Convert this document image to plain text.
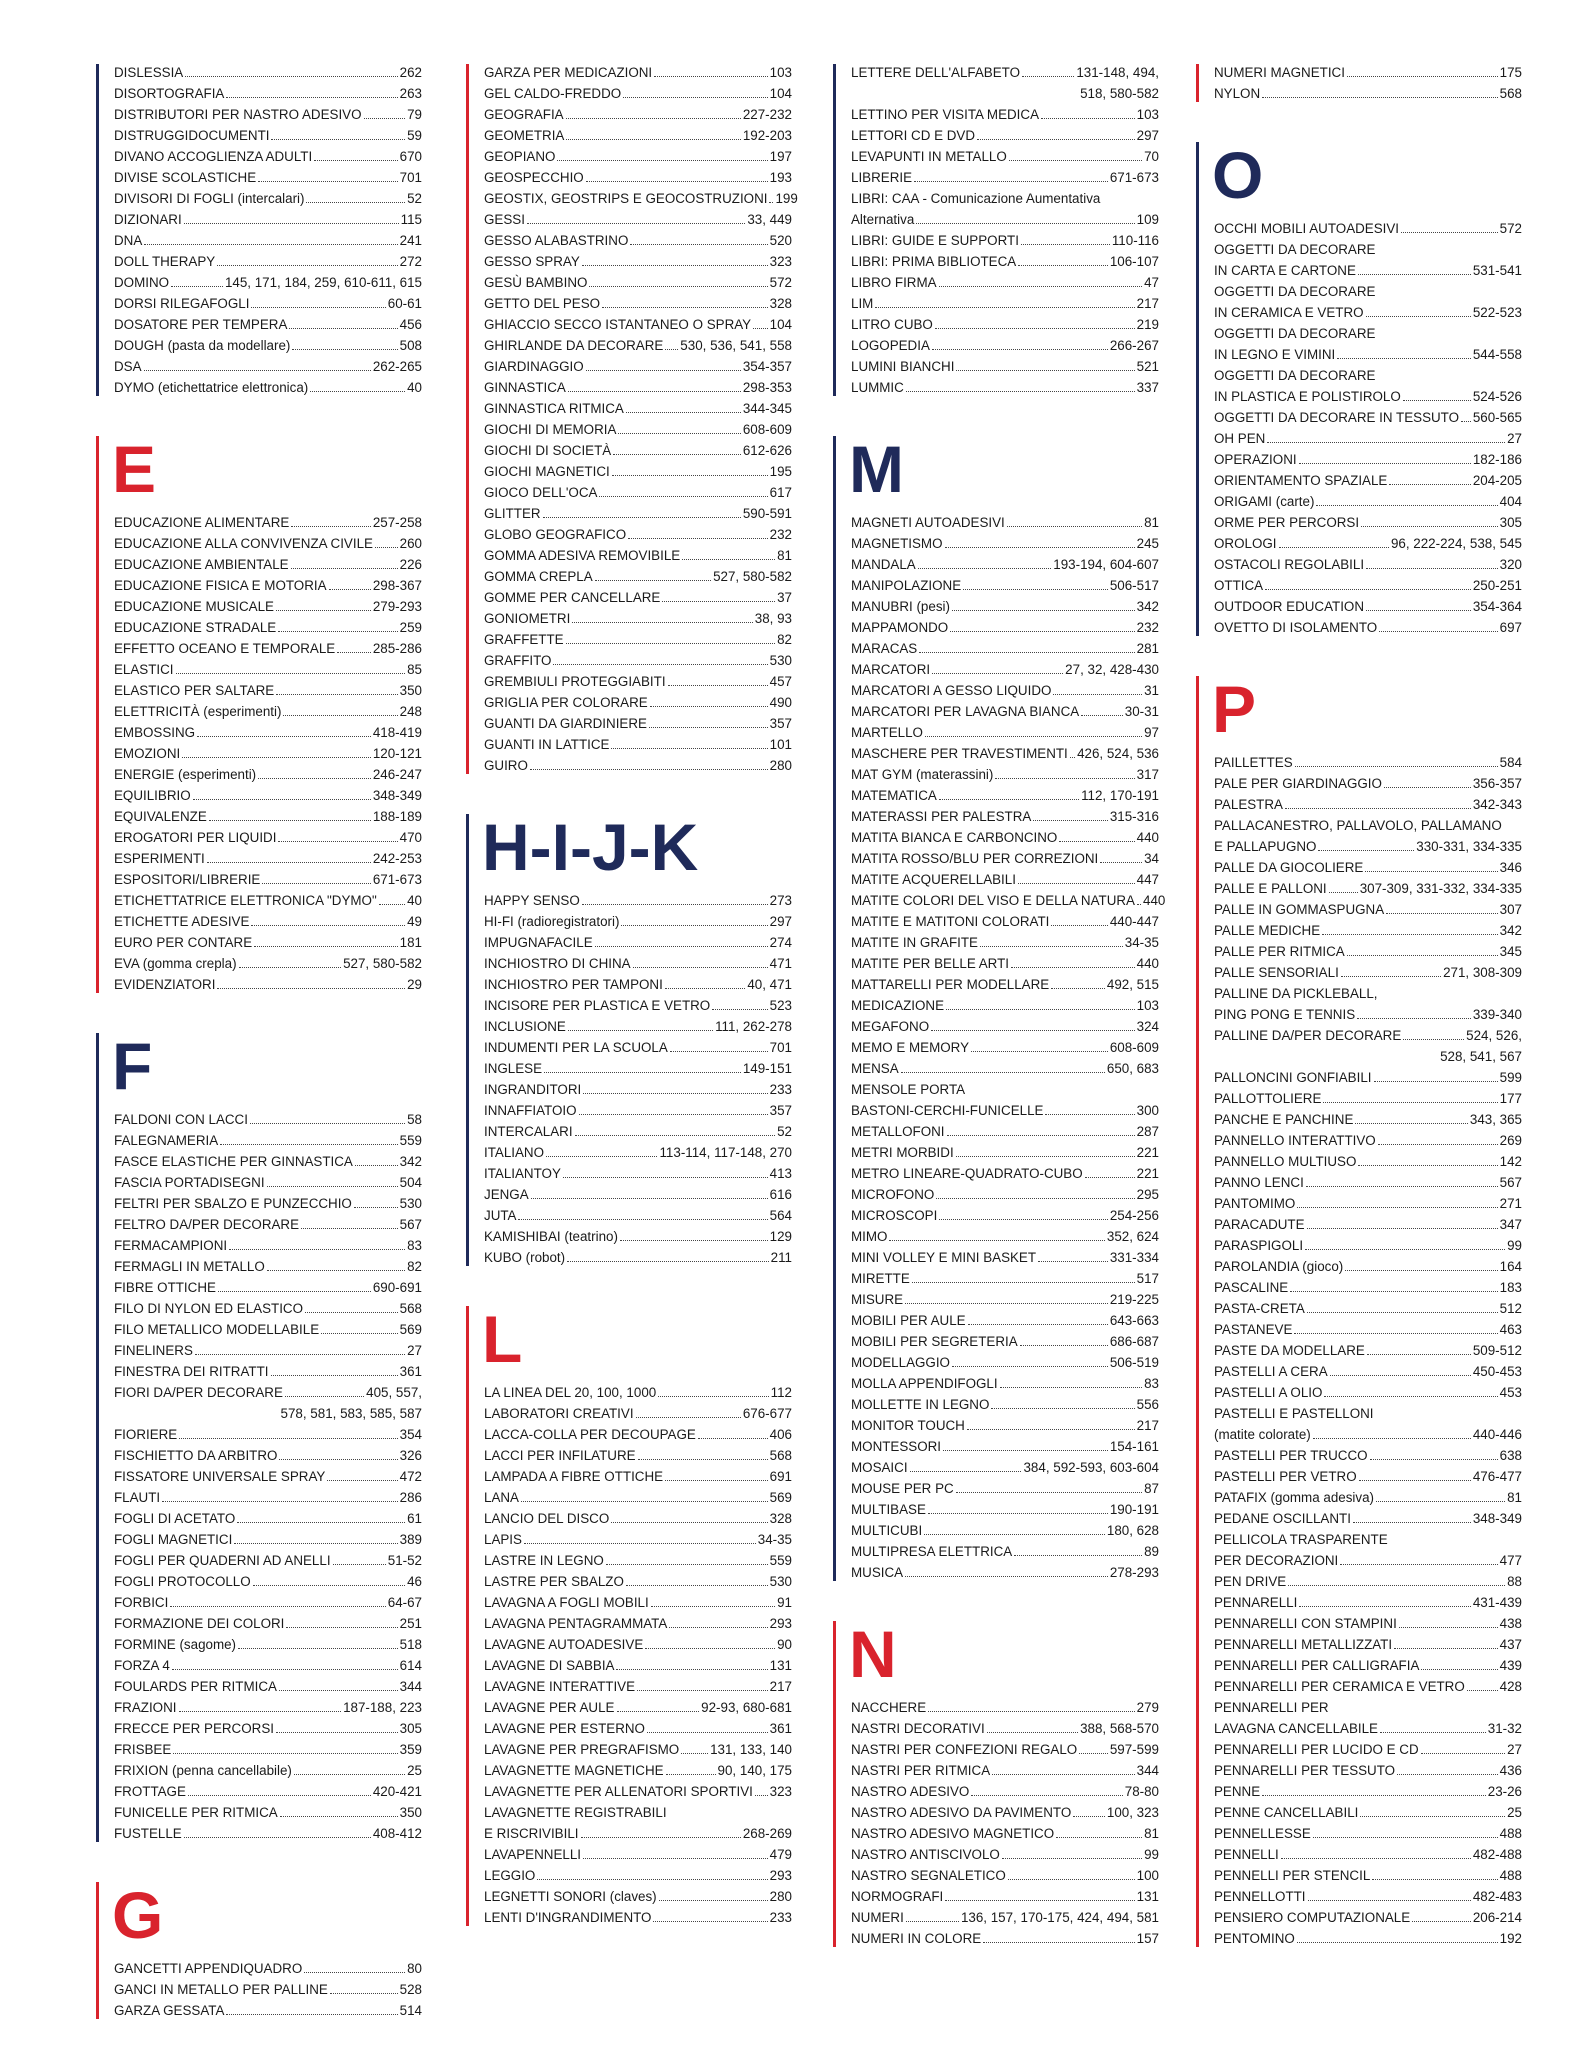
DISLESSIA	262
DISORTOGRAFIA	263
DISTRIBUTORI PER NASTRO ADESIVO	79
DISTRUGGIDOCUMENTI	59
DIVANO ACCOGLIENZA ADULTI	670
DIVISE SCOLASTICHE	701
DIVISORI DI FOGLI (intercalari)	52
DIZIONARI	115
DNA	241
DOLL THERAPY	272
DOMINO	145, 171, 184, 259, 610-611, 615
DORSI RILEGAFOGLI	60-61
DOSATORE PER TEMPERA	456
DOUGH (pasta da modellare)	508
DSA	262-265
DYMO (etichettatrice elettronica)	40
E
EDUCAZIONE ALIMENTARE	257-258
EDUCAZIONE ALLA CONVIVENZA CIVILE 260
EDUCAZIONE AMBIENTALE	226
EDUCAZIONE FISICA E MOTORIA	298-367
EDUCAZIONE MUSICALE	279-293
EDUCAZIONE STRADALE	259
EFFETTO OCEANO E TEMPORALE	285-286
ELASTICI	85
ELASTICO PER SALTARE	350
ELETTRICITÀ (esperimenti)	248
EMBOSSING	418-419
EMOZIONI	120-121
ENERGIE (esperimenti)	246-247
EQUILIBRIO	348-349
EQUIVALENZE	188-189
EROGATORI PER LIQUIDI	470
ESPERIMENTI	242-253
ESPOSITORI/LIBRERIE	671-673
ETICHETTATRICE ELETTRONICA "DYMO" 40
ETICHETTE ADESIVE	49
EURO PER CONTARE	181
EVA (gomma crepla)	527, 580-582
EVIDENZIATORI	29
F
FALDONI CON LACCI	58
FALEGNAMERIA	559
FASCE ELASTICHE PER GINNASTICA	342
FASCIA PORTADISEGNI	504
FELTRI PER SBALZO E PUNZECCHIO	530
FELTRO DA/PER DECORARE	567
FERMACAMPIONI	83
FERMAGLI IN METALLO	82
FIBRE OTTICHE	690-691
FILO DI NYLON ED ELASTICO	568
FILO METALLICO MODELLABILE	569
FINELINERS	27
FINESTRA DEI RITRATTI	361
FIORI DA/PER DECORARE	405, 557,
578, 581, 583, 585, 587
FIORIERE	354
FISCHIETTO DA ARBITRO	326
FISSATORE UNIVERSALE SPRAY	472
FLAUTI	286
FOGLI DI ACETATO	61
FOGLI MAGNETICI	389
FOGLI PER QUADERNI AD ANELLI	51-52
FOGLI PROTOCOLLO	46
FORBICI	64-67
FORMAZIONE DEI COLORI	251
FORMINE (sagome)	518
FORZA 4	614
FOULARDS PER RITMICA	344
FRAZIONI	187-188, 223
FRECCE PER PERCORSI	305
FRISBEE	359
FRIXION (penna cancellabile)	25
FROTTAGE	420-421
FUNICELLE PER RITMICA	350
FUSTELLE	408-412
G
GANCETTI APPENDIQUADRO	80
GANCI IN METALLO PER PALLINE	528
GARZA GESSATA	514
GARZA PER MEDICAZIONI	103
GEL CALDO-FREDDO	104
GEOGRAFIA	227-232
GEOMETRIA	192-203
GEOPIANO	197
GEOSPECCHIO	193
GEOSTIX, GEOSTRIPS E GEOCOSTRUZIONI 199
GESSI	33, 449
GESSO ALABASTRINO	520
GESSO SPRAY	323
GESÙ BAMBINO	572
GETTO DEL PESO	328
GHIACCIO SECCO ISTANTANEO O SPRAY 104
GHIRLANDE DA DECORARE 530, 536, 541, 558
GIARDINAGGIO	354-357
GINNASTICA	298-353
GINNASTICA RITMICA	344-345
GIOCHI DI MEMORIA	608-609
GIOCHI DI SOCIETÀ	612-626
GIOCHI MAGNETICI	195
GIOCO DELL'OCA	617
GLITTER	590-591
GLOBO GEOGRAFICO	232
GOMMA ADESIVA REMOVIBILE	81
GOMMA CREPLA	527, 580-582
GOMME PER CANCELLARE	37
GONIOMETRI	38, 93
GRAFFETTE	82
GRAFFITO	530
GREMBIULI PROTEGGIABITI	457
GRIGLIA PER COLORARE	490
GUANTI DA GIARDINIERE	357
GUANTI IN LATTICE	101
GUIRO	280
H-I-J-K
HAPPY SENSO	273
HI-FI (radioregistratori)	297
IMPUGNAFACILE	274
INCHIOSTRO DI CHINA	471
INCHIOSTRO PER TAMPONI	40, 471
INCISORE PER PLASTICA E VETRO	523
INCLUSIONE	111, 262-278
INDUMENTI PER LA SCUOLA	701
INGLESE	149-151
INGRANDITORI	233
INNAFFIATOIO	357
INTERCALARI	52
ITALIANO	113-114, 117-148, 270
ITALIANTOY	413
JENGA	616
JUTA	564
KAMISHIBAI (teatrino)	129
KUBO (robot)	211
L
LA LINEA DEL 20, 100, 1000	112
LABORATORI CREATIVI	676-677
LACCA-COLLA PER DECOUPAGE	406
LACCI PER INFILATURE	568
LAMPADA A FIBRE OTTICHE	691
LANA	569
LANCIO DEL DISCO	328
LAPIS	34-35
LASTRE IN LEGNO	559
LASTRE PER SBALZO	530
LAVAGNA A FOGLI MOBILI	91
LAVAGNA PENTAGRAMMATA	293
LAVAGNE AUTOADESIVE	90
LAVAGNE DI SABBIA	131
LAVAGNE INTERATTIVE	217
LAVAGNE PER AULE	92-93, 680-681
LAVAGNE PER ESTERNO	361
LAVAGNE PER PREGRAFISMO 131, 133, 140
LAVAGNETTE MAGNETICHE	90, 140, 175
LAVAGNETTE PER ALLENATORI SPORTIVI 323
LAVAGNETTE REGISTRABILI
E RISCRIVIBILI	268-269
LAVAPENNELLI	479
LEGGIO	293
LEGNETTI SONORI (claves)	280
LENTI D'INGRANDIMENTO	233
LETTERE DELL'ALFABETO	131-148, 494,
518, 580-582
LETTINO PER VISITA MEDICA	103
LETTORI CD E DVD	297
LEVAPUNTI IN METALLO	70
LIBRERIE	671-673
LIBRI: CAA - Comunicazione Aumentativa
Alternativa	109
LIBRI: GUIDE E SUPPORTI	110-116
LIBRI: PRIMA BIBLIOTECA	106-107
LIBRO FIRMA	47
LIM	217
LITRO CUBO	219
LOGOPEDIA	266-267
LUMINI BIANCHI	521
LUMMIC	337
M
MAGNETI AUTOADESIVI	81
MAGNETISMO	245
MANDALA	193-194, 604-607
MANIPOLAZIONE	506-517
MANUBRI (pesi)	342
MAPPAMONDO	232
MARACAS	281
MARCATORI	27, 32, 428-430
MARCATORI A GESSO LIQUIDO	31
MARCATORI PER LAVAGNA BIANCA	30-31
MARTELLO	97
MASCHERE PER TRAVESTIMENTI 426, 524, 536
MAT GYM (materassini)	317
MATEMATICA	112, 170-191
MATERASSI PER PALESTRA	315-316
MATITA BIANCA E CARBONCINO	440
MATITA ROSSO/BLU PER CORREZIONI	34
MATITE ACQUERELLABILI	447
MATITE COLORI DEL VISO E DELLA NATURA 440
MATITE E MATITONI COLORATI	440-447
MATITE IN GRAFITE	34-35
MATITE PER BELLE ARTI	440
MATTARELLI PER MODELLARE	492, 515
MEDICAZIONE	103
MEGAFONO	324
MEMO E MEMORY	608-609
MENSA	650, 683
MENSOLE PORTA
BASTONI-CERCHI-FUNICELLE	300
METALLOFONI	287
METRI MORBIDI	221
METRO LINEARE-QUADRATO-CUBO	221
MICROFONO	295
MICROSCOPI	254-256
MIMO	352, 624
MINI VOLLEY E MINI BASKET	331-334
MIRETTE	517
MISURE	219-225
MOBILI PER AULE	643-663
MOBILI PER SEGRETERIA	686-687
MODELLAGGIO	506-519
MOLLA APPENDIFOGLI	83
MOLLETTE IN LEGNO	556
MONITOR TOUCH	217
MONTESSORI	154-161
MOSAICI	384, 592-593, 603-604
MOUSE PER PC	87
MULTIBASE	190-191
MULTICUBI	180, 628
MULTIPRESA ELETTRICA	89
MUSICA	278-293
N
NACCHERE	279
NASTRI DECORATIVI	388, 568-570
NASTRI PER CONFEZIONI REGALO 597-599
NASTRI PER RITMICA	344
NASTRO ADESIVO	78-80
NASTRO ADESIVO DA PAVIMENTO	100, 323
NASTRO ADESIVO MAGNETICO	81
NASTRO ANTISCIVOLO	99
NASTRO SEGNALETICO	100
NORMOGRAFI	131
NUMERI	136, 157, 170-175, 424, 494, 581
NUMERI IN COLORE	157
NUMERI MAGNETICI	175
NYLON	568
O
OCCHI MOBILI AUTOADESIVI	572
OGGETTI DA DECORARE
IN CARTA E CARTONE	531-541
OGGETTI DA DECORARE
IN CERAMICA E VETRO	522-523
OGGETTI DA DECORARE
IN LEGNO E VIMINI	544-558
OGGETTI DA DECORARE
IN PLASTICA E POLISTIROLO	524-526
OGGETTI DA DECORARE IN TESSUTO 560-565
OH PEN	27
OPERAZIONI	182-186
ORIENTAMENTO SPAZIALE	204-205
ORIGAMI (carte)	404
ORME PER PERCORSI	305
OROLOGI	96, 222-224, 538, 545
OSTACOLI REGOLABILI	320
OTTICA	250-251
OUTDOOR EDUCATION	354-364
OVETTO DI ISOLAMENTO	697
P
PAILLETTES	584
PALE PER GIARDINAGGIO	356-357
PALESTRA	342-343
PALLACANESTRO, PALLAVOLO, PALLAMANO
E PALLAPUGNO	330-331, 334-335
PALLE DA GIOCOLIERE	346
PALLE E PALLONI 307-309, 331-332, 334-335
PALLE IN GOMMASPUGNA	307
PALLE MEDICHE	342
PALLE PER RITMICA	345
PALLE SENSORIALI	271, 308-309
PALLINE DA PICKLEBALL,
PING PONG E TENNIS	339-340
PALLINE DA/PER DECORARE	524, 526,
528, 541, 567
PALLONCINI GONFIABILI	599
PALLOTTOLIERE	177
PANCHE E PANCHINE	343, 365
PANNELLO INTERATTIVO	269
PANNELLO MULTIUSO	142
PANNO LENCI	567
PANTOMIMO	271
PARACADUTE	347
PARASPIGOLI	99
PAROLANDIA (gioco)	164
PASCALINE	183
PASTA-CRETA	512
PASTANEVE	463
PASTE DA MODELLARE	509-512
PASTELLI A CERA	450-453
PASTELLI A OLIO	453
PASTELLI E PASTELLONI
(matite colorate)	440-446
PASTELLI PER TRUCCO	638
PASTELLI PER VETRO	476-477
PATAFIX (gomma adesiva)	81
PEDANE OSCILLANTI	348-349
PELLICOLA TRASPARENTE
PER DECORAZIONI	477
PEN DRIVE	88
PENNARELLI	431-439
PENNARELLI CON STAMPINI	438
PENNARELLI METALLIZZATI	437
PENNARELLI PER CALLIGRAFIA	439
PENNARELLI PER CERAMICA E VETRO	428
PENNARELLI PER
LAVAGNA CANCELLABILE	31-32
PENNARELLI PER LUCIDO E CD	27
PENNARELLI PER TESSUTO	436
PENNE	23-26
PENNE CANCELLABILI	25
PENNELLESSE	488
PENNELLI	482-488
PENNELLI PER STENCIL	488
PENNELLOTTI	482-483
PENSIERO COMPUTAZIONALE	206-214
PENTOMINO	192
